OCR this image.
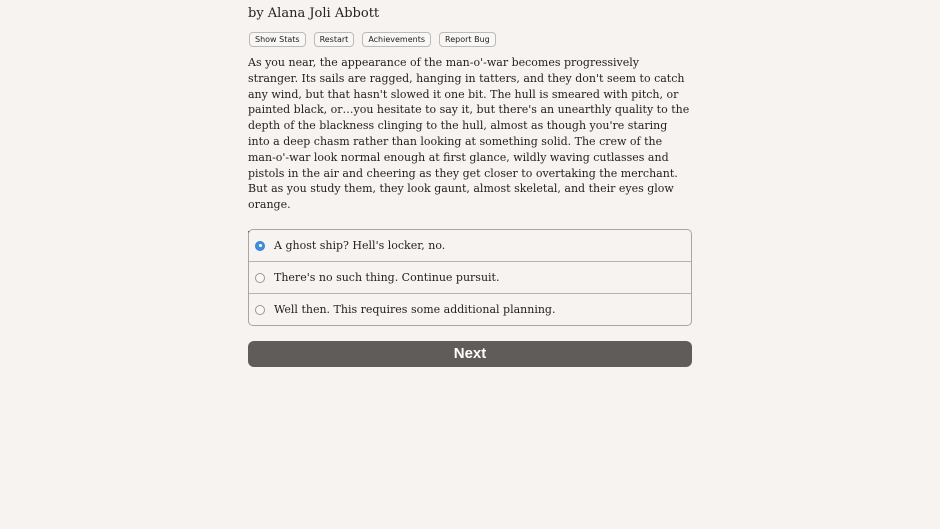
by Alana Joli Abbott
Show Stats	Restart	Achievements	Report Bug

As you near, the appearance of the man-o'-war becomes progressively stranger. Its sails are ragged, hanging in tatters, and they don't seem to catch any wind, but that hasn't slowed it one bit. The hull is smeared with pitch, or painted black, or…you hesitate to say it, but there's an unearthly quality to the depth of the blackness clinging to the hull, almost as though you're staring into a deep chasm rather than looking at something solid. The crew of the man-o'-war look normal enough at first glance, wildly waving cutlasses and pistols in the air and cheering as they get closer to overtaking the merchant. But as you study them, they look gaunt, almost skeletal, and their eyes glow orange.

A ghost ship? Hell's locker, no.
There's no such thing. Continue pursuit.
Well then. This requires some additional planning.
Next
